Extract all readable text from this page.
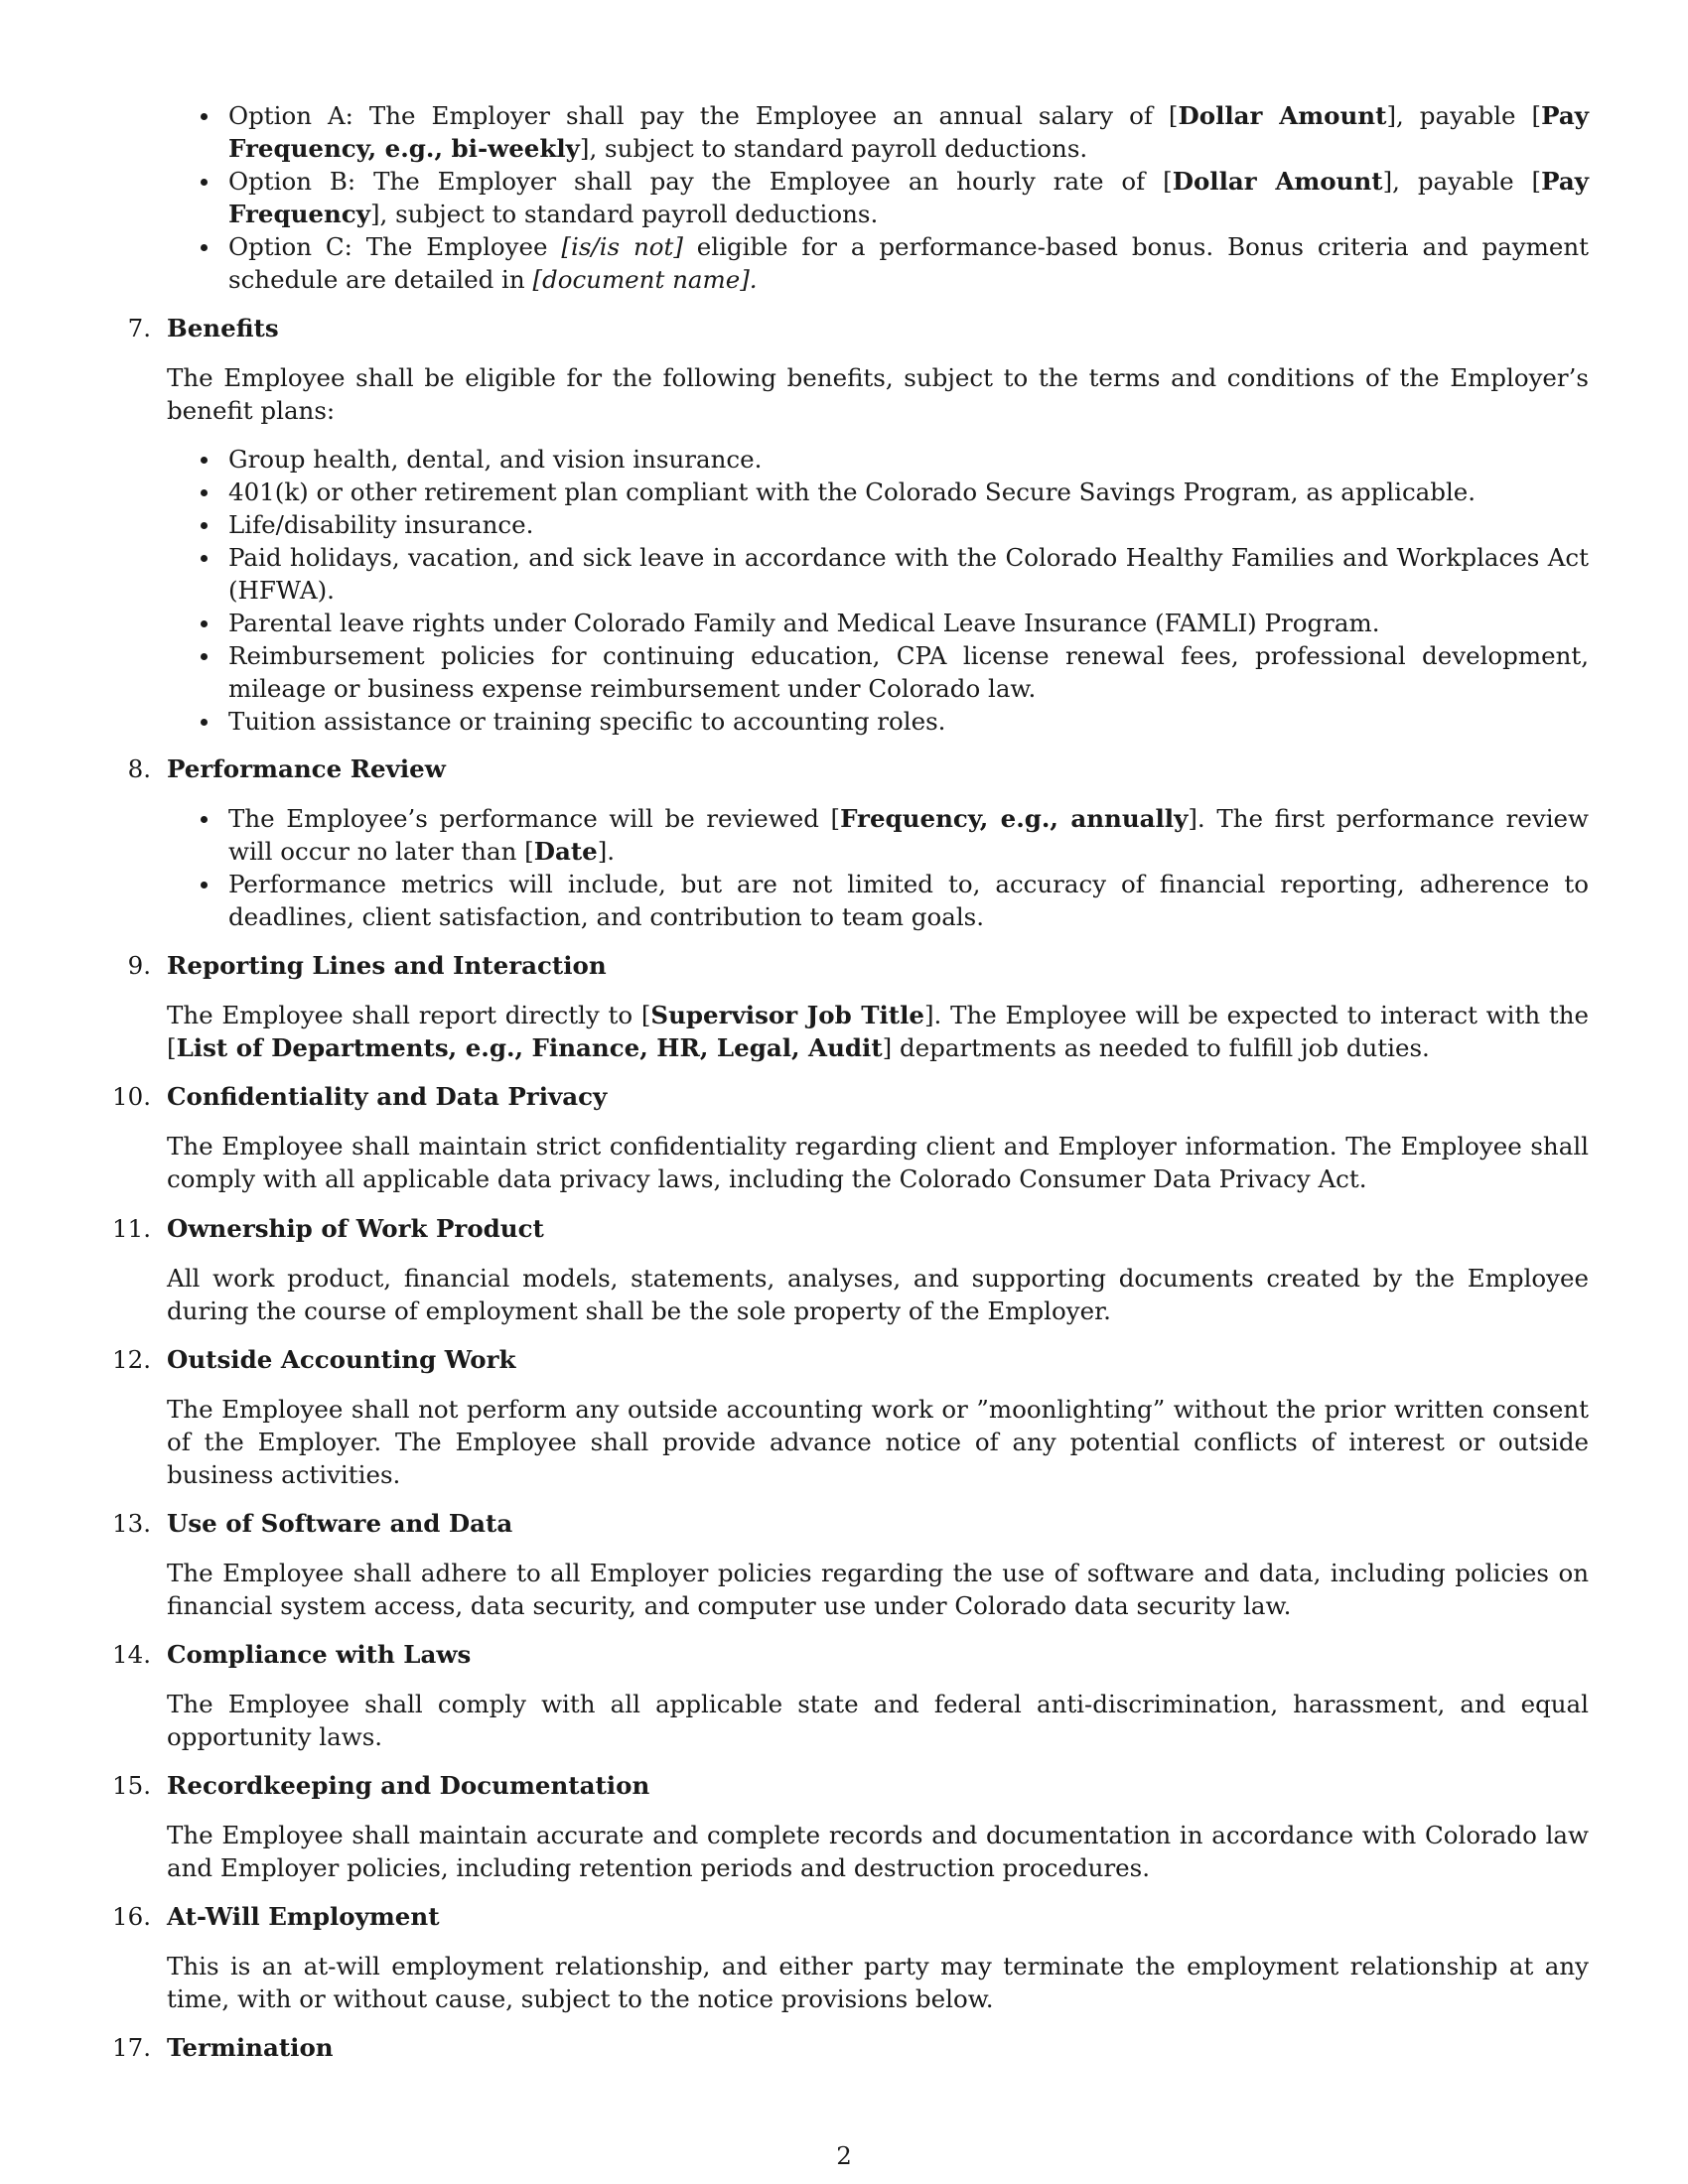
Option A: The Employer shall pay the Employee an annual salary of [Dollar Amount], payable [Pay Frequency, e.g., bi-weekly], subject to standard payroll deductions.
Option B: The Employer shall pay the Employee an hourly rate of [Dollar Amount], payable [Pay Frequency], subject to standard payroll deductions.
Option C: The Employee [is/is not] eligible for a performance-based bonus. Bonus criteria and payment schedule are detailed in [document name].
7. Benefits
The Employee shall be eligible for the following benefits, subject to the terms and conditions of the Employer’s benefit plans:
Group health, dental, and vision insurance.
401(k) or other retirement plan compliant with the Colorado Secure Savings Program, as applicable.
Life/disability insurance.
Paid holidays, vacation, and sick leave in accordance with the Colorado Healthy Families and Workplaces Act (HFWA).
Parental leave rights under Colorado Family and Medical Leave Insurance (FAMLI) Program.
Reimbursement policies for continuing education, CPA license renewal fees, professional development, mileage or business expense reimbursement under Colorado law.
Tuition assistance or training specific to accounting roles.
8. Performance Review
The Employee’s performance will be reviewed [Frequency, e.g., annually]. The first performance review will occur no later than [Date].
Performance metrics will include, but are not limited to, accuracy of financial reporting, adherence to deadlines, client satisfaction, and contribution to team goals.
9. Reporting Lines and Interaction
The Employee shall report directly to [Supervisor Job Title]. The Employee will be expected to interact with the [List of Departments, e.g., Finance, HR, Legal, Audit] departments as needed to fulfill job duties.
10. Confidentiality and Data Privacy
The Employee shall maintain strict confidentiality regarding client and Employer information. The Employee shall comply with all applicable data privacy laws, including the Colorado Consumer Data Privacy Act.
11. Ownership of Work Product
All work product, financial models, statements, analyses, and supporting documents created by the Employee during the course of employment shall be the sole property of the Employer.
12. Outside Accounting Work
The Employee shall not perform any outside accounting work or ”moonlighting” without the prior written consent of the Employer. The Employee shall provide advance notice of any potential conflicts of interest or outside business activities.
13. Use of Software and Data
The Employee shall adhere to all Employer policies regarding the use of software and data, including policies on financial system access, data security, and computer use under Colorado data security law.
14. Compliance with Laws
The Employee shall comply with all applicable state and federal anti-discrimination, harassment, and equal opportunity laws.
15. Recordkeeping and Documentation
The Employee shall maintain accurate and complete records and documentation in accordance with Colorado law and Employer policies, including retention periods and destruction procedures.
16. At-Will Employment
This is an at-will employment relationship, and either party may terminate the employment relationship at any time, with or without cause, subject to the notice provisions below.
17. Termination
2
